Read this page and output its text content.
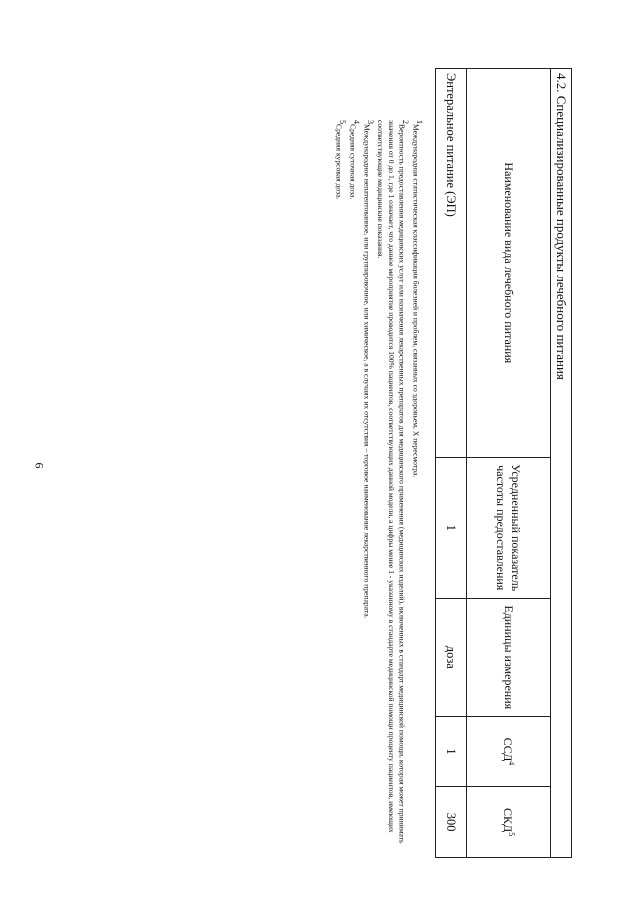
6
4.2. Специализированные продукты лечебного питания				
Наименование вида лечебного питания	Усредненный показатель частоты предоставления	Единицы измерения	ССД$^4$	СКД$^5$
Энтеральное питание (ЭП)	1	доза	1	300

$^1$Международная статистическая классификация болезней и проблем, связанных со здоровьем, X пересмотра.

$^2$Вероятность предоставления медицинских услуг или назначения лекарственных препаратов для медицинского применения (медицинских изделий), включенных в стандарт медицинской помощи, которая может принимать значения от 0 до 1, где 1 означает, что данное мероприятие проводится 100% пациентов, соответствующих данной модели, а цифры менее 1 - указанному в стандарте медицинской помощи проценту пациентов, имеющих соответствующие медицинские показания.

$^3$Международное непатентованное, или группировочное, или химическое, а в случаях их отсутствия – торговое наименование лекарственного препарата.

$^4$Средняя суточная доза.

$^5$Средняя курсовая доза.
